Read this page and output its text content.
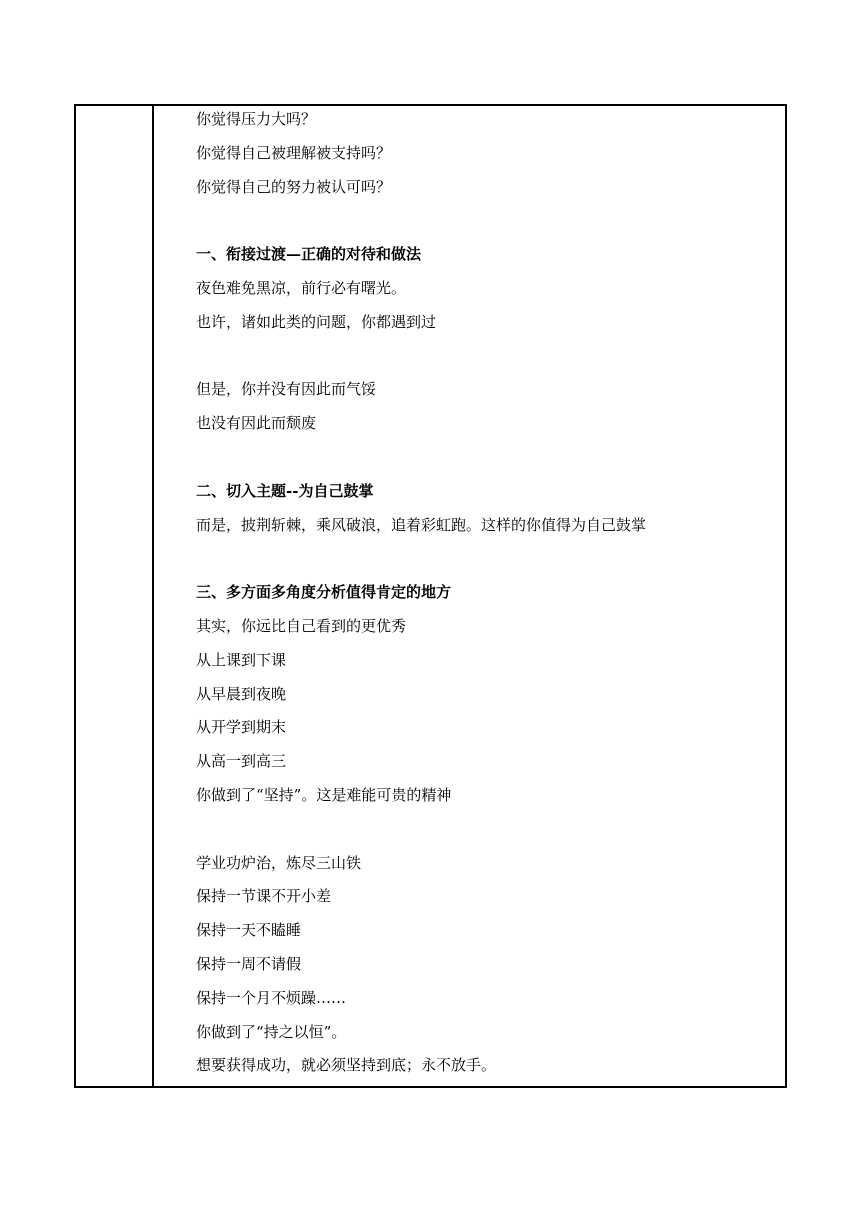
你觉得压力大吗？
你觉得自己被理解被支持吗？
你觉得自己的努力被认可吗？
一、衔接过渡—正确的对待和做法
夜色难免黑凉，前行必有曙光。
也许，诸如此类的问题，你都遇到过
但是，你并没有因此而气馁
也没有因此而颓废
二、切入主题--为自己鼓掌
而是，披荆斩棘，乘风破浪，追着彩虹跑。这样的你值得为自己鼓掌
三、多方面多角度分析值得肯定的地方
其实，你远比自己看到的更优秀
从上课到下课
从早晨到夜晚
从开学到期末
从高一到高三
你做到了“坚持”。这是难能可贵的精神
学业功炉治，炼尽三山铁
保持一节课不开小差
保持一天不瞌睡
保持一周不请假
保持一个月不烦躁……
你做到了“持之以恒”。
想要获得成功，就必须坚持到底；永不放手。
